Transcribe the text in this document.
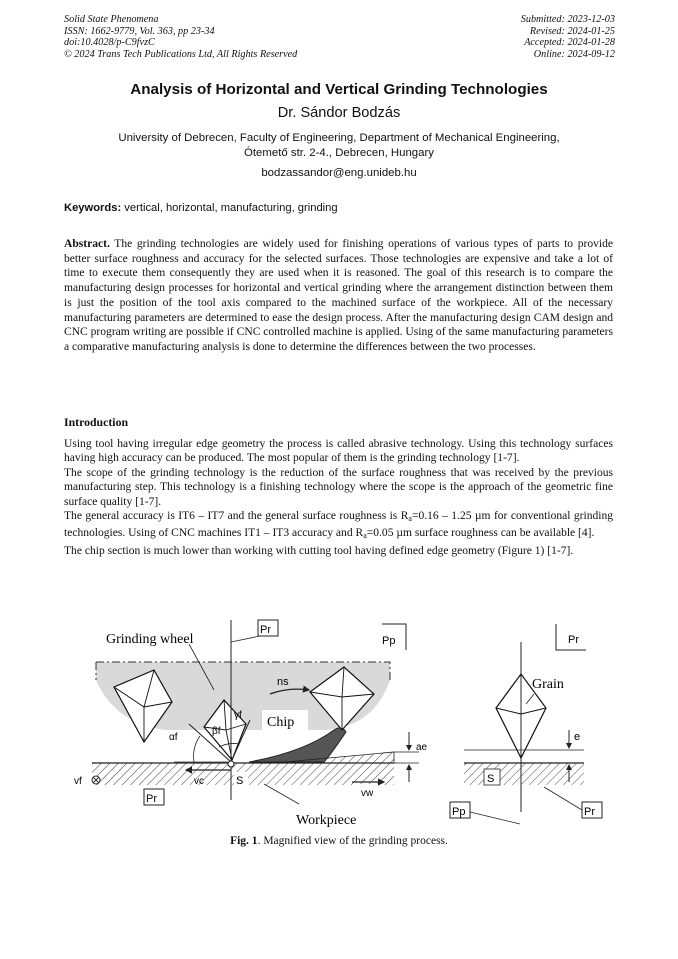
Solid State Phenomena
ISSN: 1662-9779, Vol. 363, pp 23-34
doi:10.4028/p-C9fvzC
© 2024 Trans Tech Publications Ltd, All Rights Reserved
Submitted: 2023-12-03
Revised: 2024-01-25
Accepted: 2024-01-28
Online: 2024-09-12
Analysis of Horizontal and Vertical Grinding Technologies
Dr. Sándor Bodzás
University of Debrecen, Faculty of Engineering, Department of Mechanical Engineering,
Ótemető str. 2-4., Debrecen, Hungary
bodzassandor@eng.unideb.hu
Keywords: vertical, horizontal, manufacturing, grinding
Abstract. The grinding technologies are widely used for finishing operations of various types of parts to provide better surface roughness and accuracy for the selected surfaces. Those technologies are expensive and take a lot of time to execute them consequently they are used when it is reasoned. The goal of this research is to compare the manufacturing design processes for horizontal and vertical grinding where the arrangement distinction between them is just the position of the tool axis compared to the machined surface of the workpiece. All of the necessary manufacturing parameters are determined to ease the design process. After the manufacturing design CAM design and CNC program writing are possible if CNC controlled machine is applied. Using of the same manufacturing parameters a comparative manufacturing analysis is done to determine the differences between the two processes.
Introduction

Using tool having irregular edge geometry the process is called abrasive technology. Using this technology surfaces having high accuracy can be produced. The most popular of them is the grinding technology [1-7].

The scope of the grinding technology is the reduction of the surface roughness that was received by the previous manufacturing step. This technology is a finishing technology where the scope is the approach of the geometric fine surface quality [1-7].

The general accuracy is IT6 – IT7 and the general surface roughness is $R_a=0.16 - 1.25$ µm for conventional grinding technologies. Using of CNC machines IT1 – IT3 accuracy and $R_a=0.05$ µm surface roughness can be available [4].

The chip section is much lower than working with cutting tool having defined edge geometry (Figure 1) [1-7].

Pr
Pp
ns
Chip
αf
βf
γf
vc	S
vf
vw
ae
Pr
Workpiece
Grinding wheel	Pr
Grain
e
S
Pp	Pr
Fig. 1. Magnified view of the grinding process.
